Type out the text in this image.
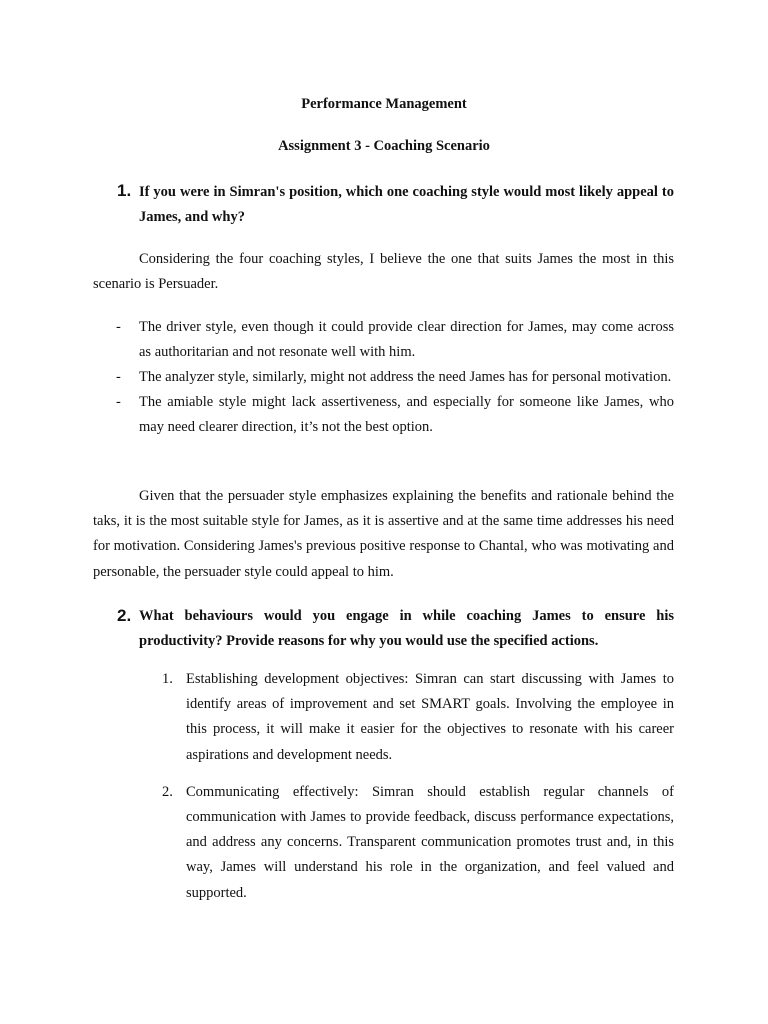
Performance Management
Assignment 3 - Coaching Scenario
1. If you were in Simran's position, which one coaching style would most likely appeal to James, and why?

Considering the four coaching styles, I believe the one that suits James the most in this scenario is Persuader.

- The driver style, even though it could provide clear direction for James, may come across as authoritarian and not resonate well with him.
- The analyzer style, similarly, might not address the need James has for personal motivation.
- The amiable style might lack assertiveness, and especially for someone like James, who may need clearer direction, it’s not the best option.

Given that the persuader style emphasizes explaining the benefits and rationale behind the taks, it is the most suitable style for James, as it is assertive and at the same time addresses his need for motivation. Considering James's previous positive response to Chantal, who was motivating and personable, the persuader style could appeal to him.

2. What behaviours would you engage in while coaching James to ensure his productivity? Provide reasons for why you would use the specified actions.
1. Establishing development objectives: Simran can start discussing with James to identify areas of improvement and set SMART goals. Involving the employee in this process, it will make it easier for the objectives to resonate with his career aspirations and development needs.
2. Communicating effectively: Simran should establish regular channels of communication with James to provide feedback, discuss performance expectations, and address any concerns. Transparent communication promotes trust and, in this way, James will understand his role in the organization, and feel valued and supported.
